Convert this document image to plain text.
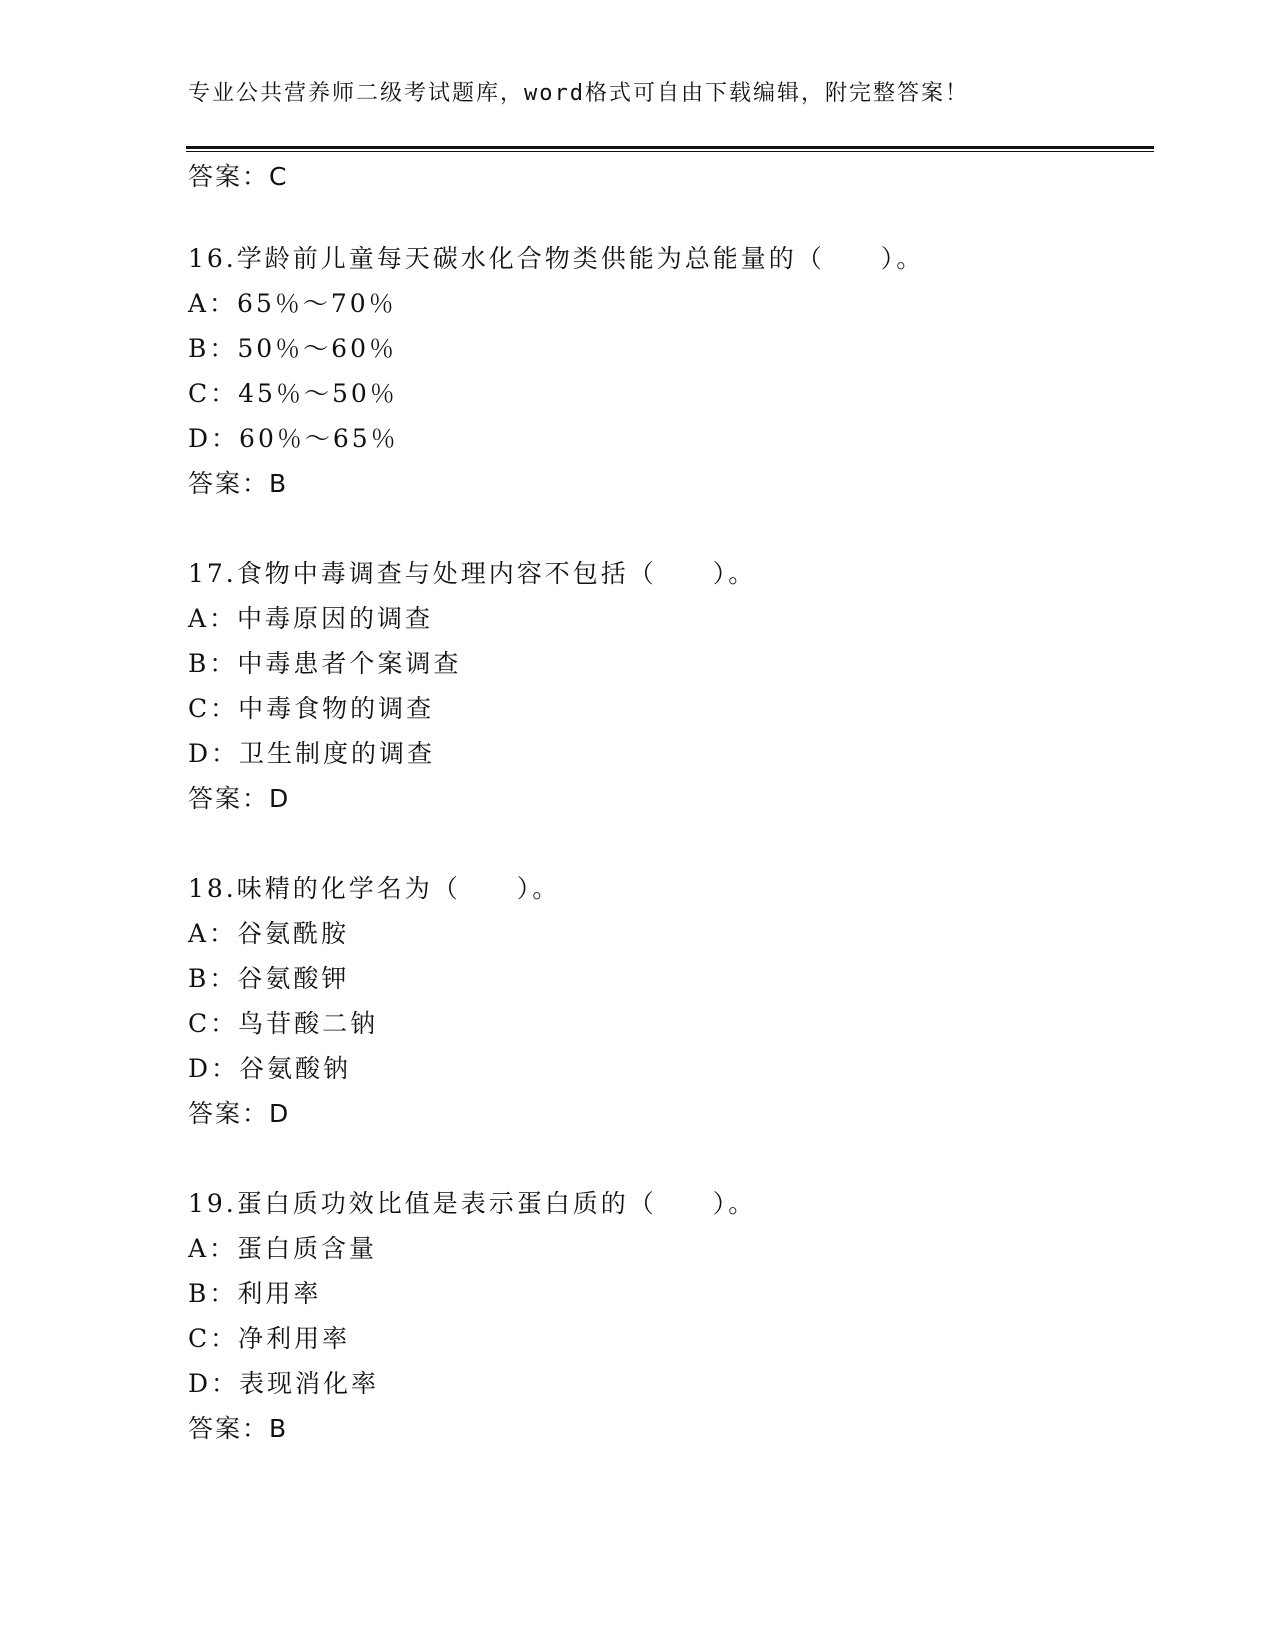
专业公共营养师二级考试题库，word格式可自由下载编辑，附完整答案！
答案：C
16.学龄前儿童每天碳水化合物类供能为总能量的（　　）。
A：65％～70％
B：50％～60％
C：45％～50％
D：60％～65％
答案：B
17.食物中毒调查与处理内容不包括（　　）。
A：中毒原因的调查
B：中毒患者个案调查
C：中毒食物的调查
D：卫生制度的调查
答案：D
18.味精的化学名为（　　）。
A：谷氨酰胺
B：谷氨酸钾
C：鸟苷酸二钠
D：谷氨酸钠
答案：D
19.蛋白质功效比值是表示蛋白质的（　　）。
A：蛋白质含量
B：利用率
C：净利用率
D：表现消化率
答案：B
